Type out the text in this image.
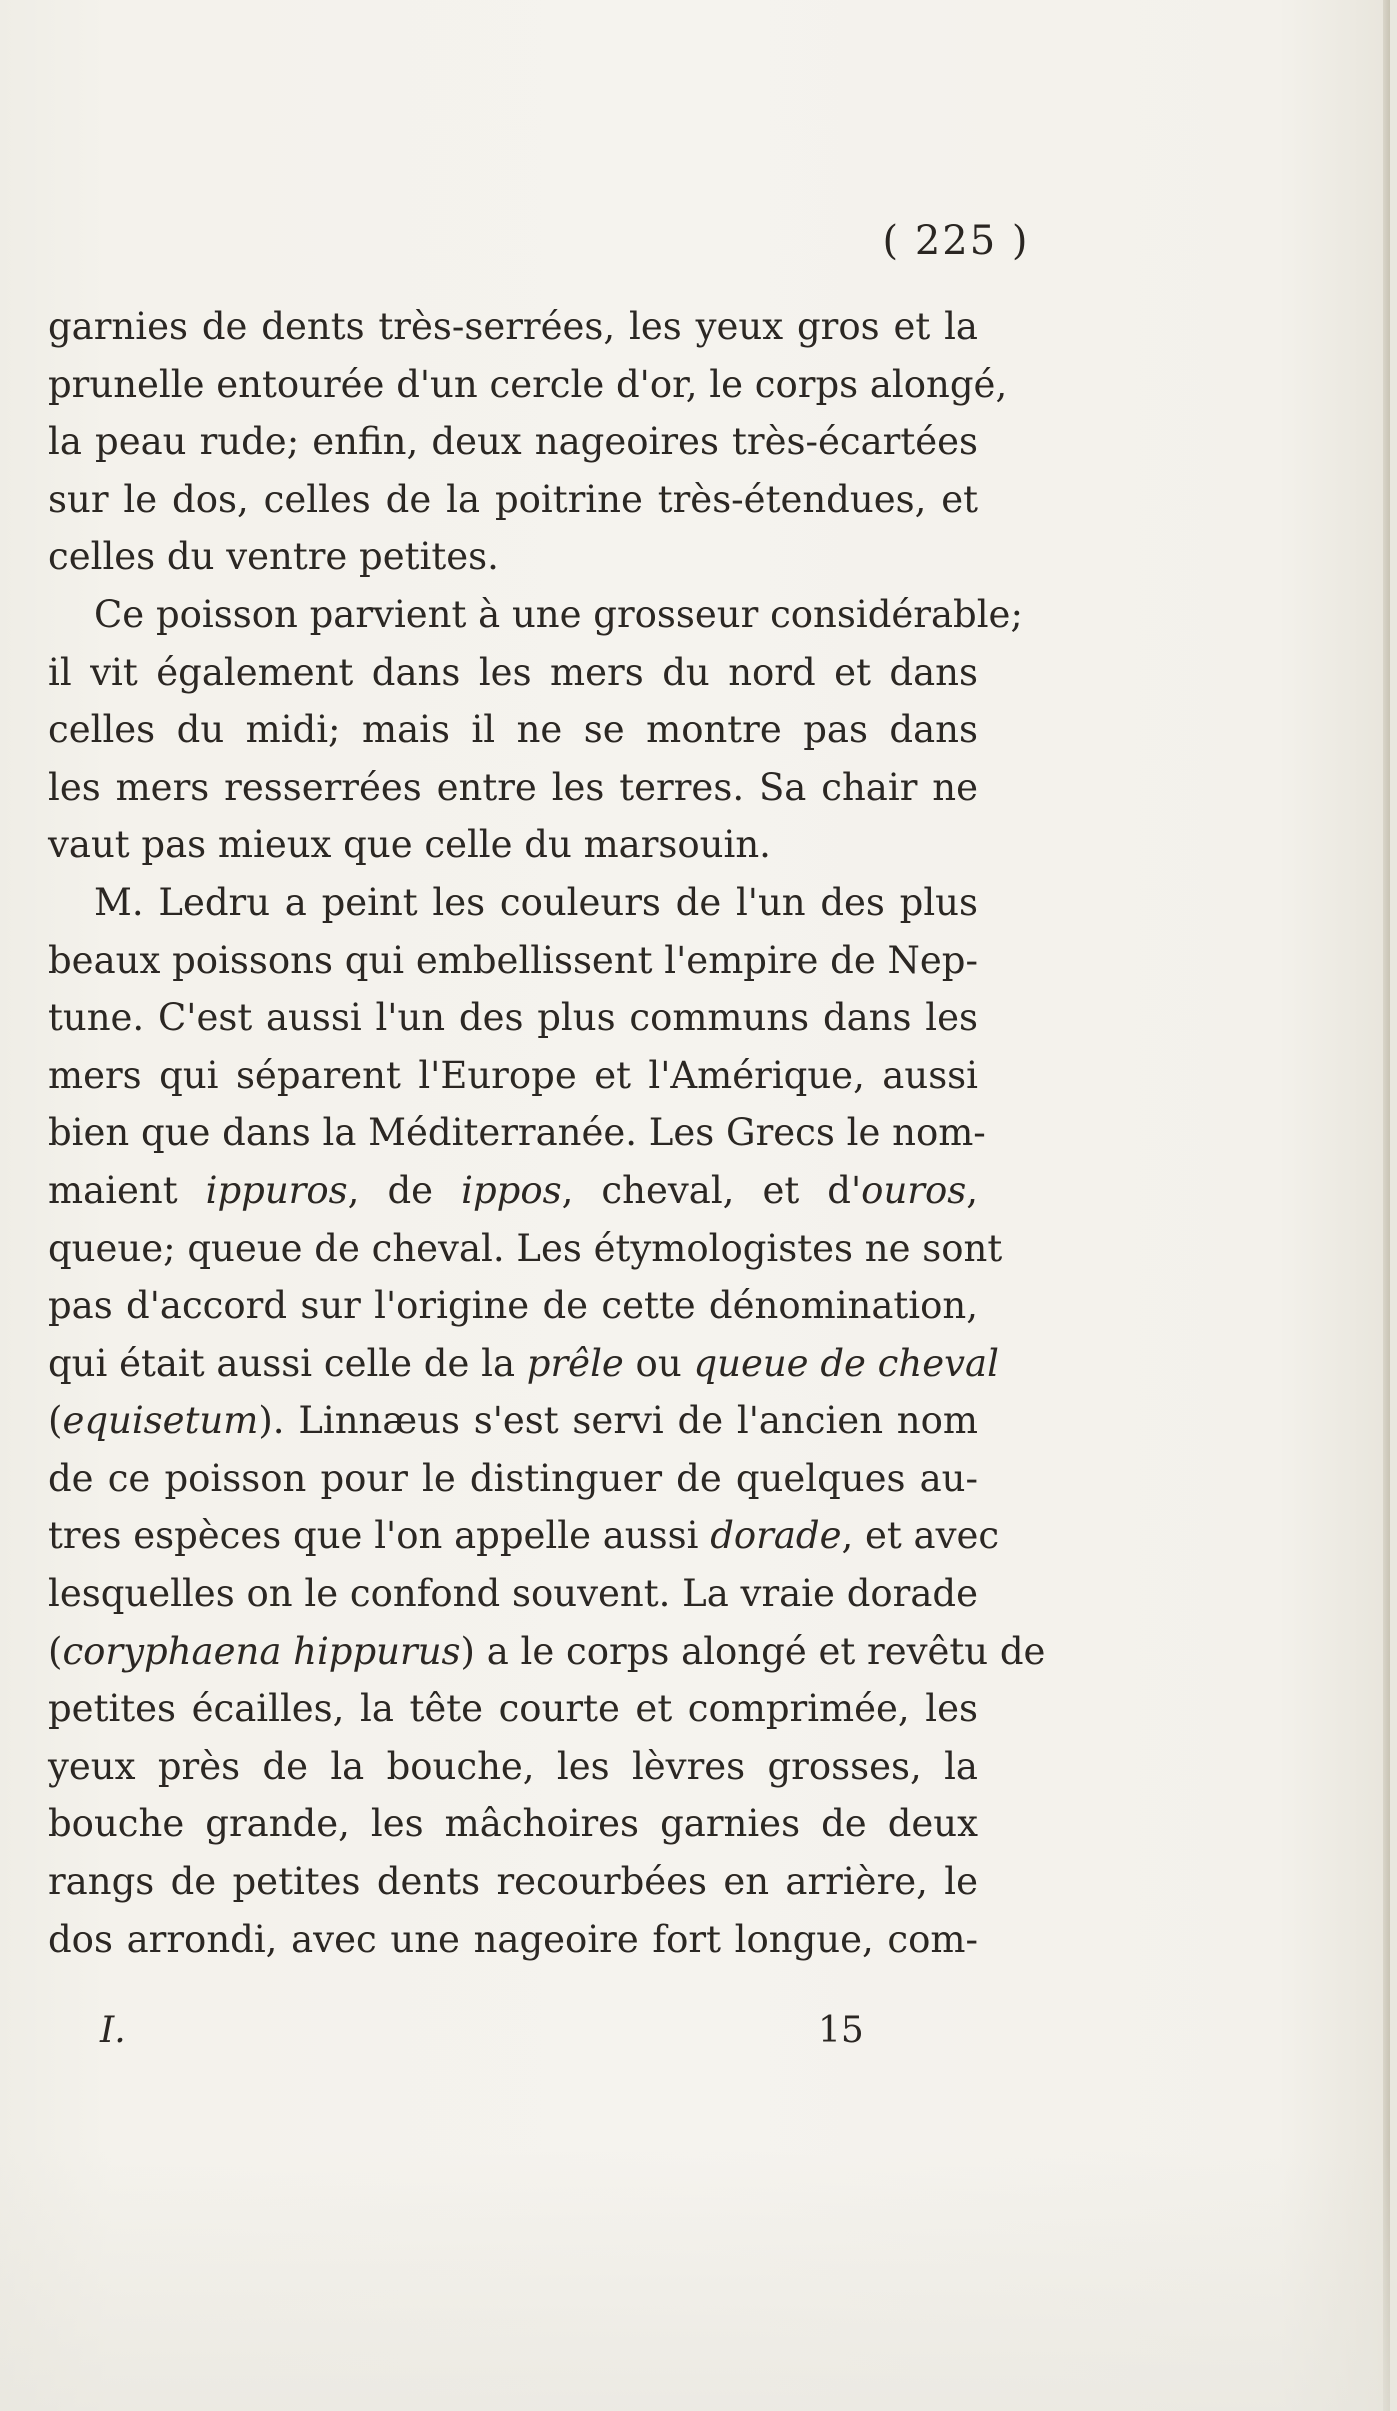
( 225 )
garnies de dents très-serrées, les yeux gros et la
prunelle entourée d'un cercle d'or, le corps alongé,
la peau rude; enfin, deux nageoires très-écartées
sur le dos, celles de la poitrine très-étendues, et
celles du ventre petites.
Ce poisson parvient à une grosseur considérable;
il vit également dans les mers du nord et dans
celles du midi; mais il ne se montre pas dans
les mers resserrées entre les terres. Sa chair ne
vaut pas mieux que celle du marsouin.
M. Ledru a peint les couleurs de l'un des plus
beaux poissons qui embellissent l'empire de Nep-
tune. C'est aussi l'un des plus communs dans les
mers qui séparent l'Europe et l'Amérique, aussi
bien que dans la Méditerranée. Les Grecs le nom-
maient ippuros, de ippos, cheval, et d'ouros,
queue; queue de cheval. Les étymologistes ne sont
pas d'accord sur l'origine de cette dénomination,
qui était aussi celle de la prêle ou queue de cheval
(equisetum). Linnæus s'est servi de l'ancien nom
de ce poisson pour le distinguer de quelques au-
tres espèces que l'on appelle aussi dorade, et avec
lesquelles on le confond souvent. La vraie dorade
(coryphaena hippurus) a le corps alongé et revêtu de
petites écailles, la tête courte et comprimée, les
yeux près de la bouche, les lèvres grosses, la
bouche grande, les mâchoires garnies de deux
rangs de petites dents recourbées en arrière, le
dos arrondi, avec une nageoire fort longue, com-
I.	15
